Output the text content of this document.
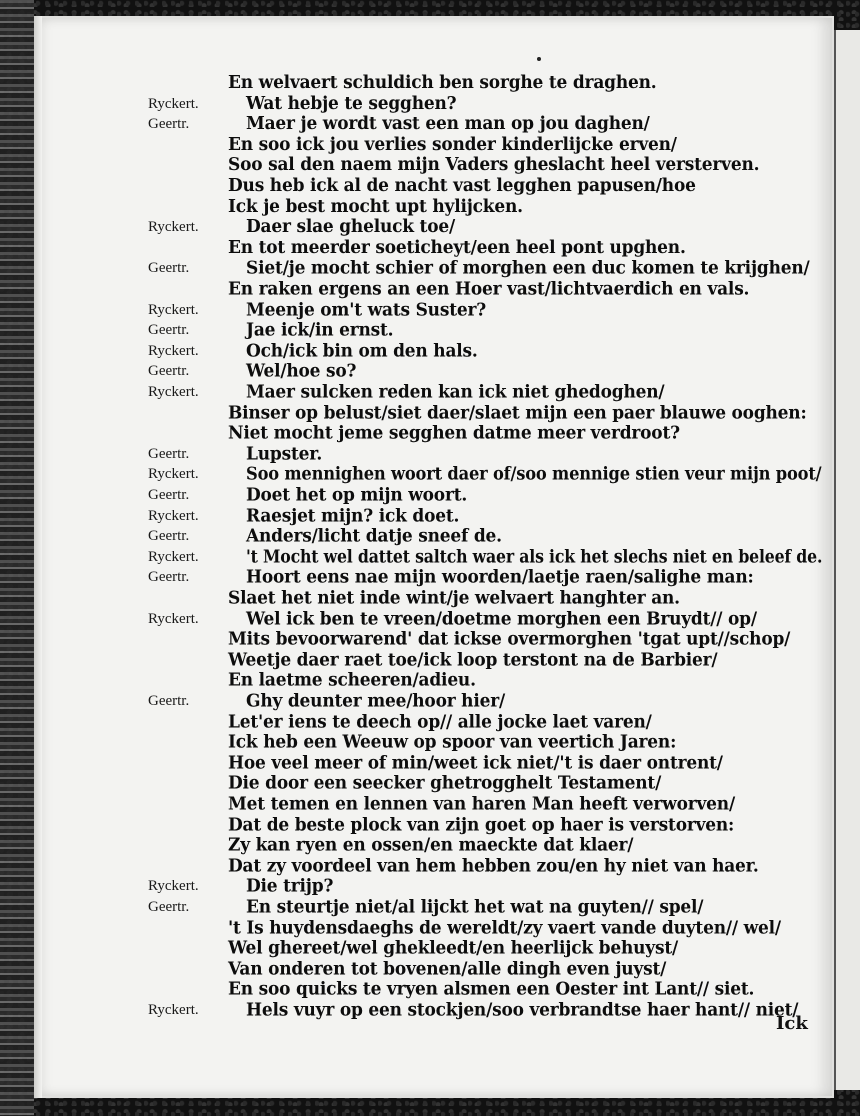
En welvaert schuldich ben sorghe te draghen.
Ryckert.	Wat hebje te segghen?
Geertr.	Maer je wordt vast een man op jou daghen/
En soo ick jou verlies sonder kinderlijcke erven/
Soo sal den naem mijn Vaders gheslacht heel versterven.
Dus heb ick al de nacht vast legghen papusen/hoe
Ick je best mocht upt hylijcken.
Ryckert.	Daer slae gheluck toe/
En tot meerder soeticheyt/een heel pont upghen.
Geertr.	Siet/je mocht schier of morghen een duc komen te krijghen/
En raken ergens an een Hoer vast/lichtvaerdich en vals.
Ryckert.	Meenje om't wats Suster?
Geertr.	Jae ick/in ernst.
Ryckert.	Och/ick bin om den hals.
Geertr.	Wel/hoe so?
Ryckert.	Maer sulcken reden kan ick niet ghedoghen/
Binser op belust/siet daer/slaet mijn een paer blauwe ooghen:
Niet mocht jeme segghen datme meer verdroot?
Geertr.	Lupster.
Ryckert.	Soo mennighen woort daer of/soo mennige stien veur mijn poot/
Geertr.	Doet het op mijn woort.
Ryckert.	Raesjet mijn? ick doet.
Geertr.	Anders/licht datje sneef de.
Ryckert.	't Mocht wel dattet saltch waer als ick het slechs niet en beleef de.
Geertr.	Hoort eens nae mijn woorden/laetje raen/salighe man:
Slaet het niet inde wint/je welvaert hanghter an.
Ryckert.	Wel ick ben te vreen/doetme morghen een Bruydt// op/
Mits bevoorwarend' dat ickse overmorghen 'tgat upt//schop/
Weetje daer raet toe/ick loop terstont na de Barbier/
En laetme scheeren/adieu.
Geertr.	Ghy deunter mee/hoor hier/
Let'er iens te deech op// alle jocke laet varen/
Ick heb een Weeuw op spoor van veertich Jaren:
Hoe veel meer of min/weet ick niet/'t is daer ontrent/
Die door een seecker ghetrogghelt Testament/
Met temen en lennen van haren Man heeft verworven/
Dat de beste plock van zijn goet op haer is verstorven:
Zy kan ryen en ossen/en maeckte dat klaer/
Dat zy voordeel van hem hebben zou/en hy niet van haer.
Ryckert.	Die trijp?
Geertr.	En steurtje niet/al lijckt het wat na guyten// spel/
't Is huydensdaeghs de wereldt/zy vaert vande duyten// wel/
Wel ghereet/wel ghekleedt/en heerlijck behuyst/
Van onderen tot bovenen/alle dingh even juyst/
En soo quicks te vryen alsmen een Oester int Lant// siet.
Ryckert.	Hels vuyr op een stockjen/soo verbrandtse haer hant// niet/
Ick
